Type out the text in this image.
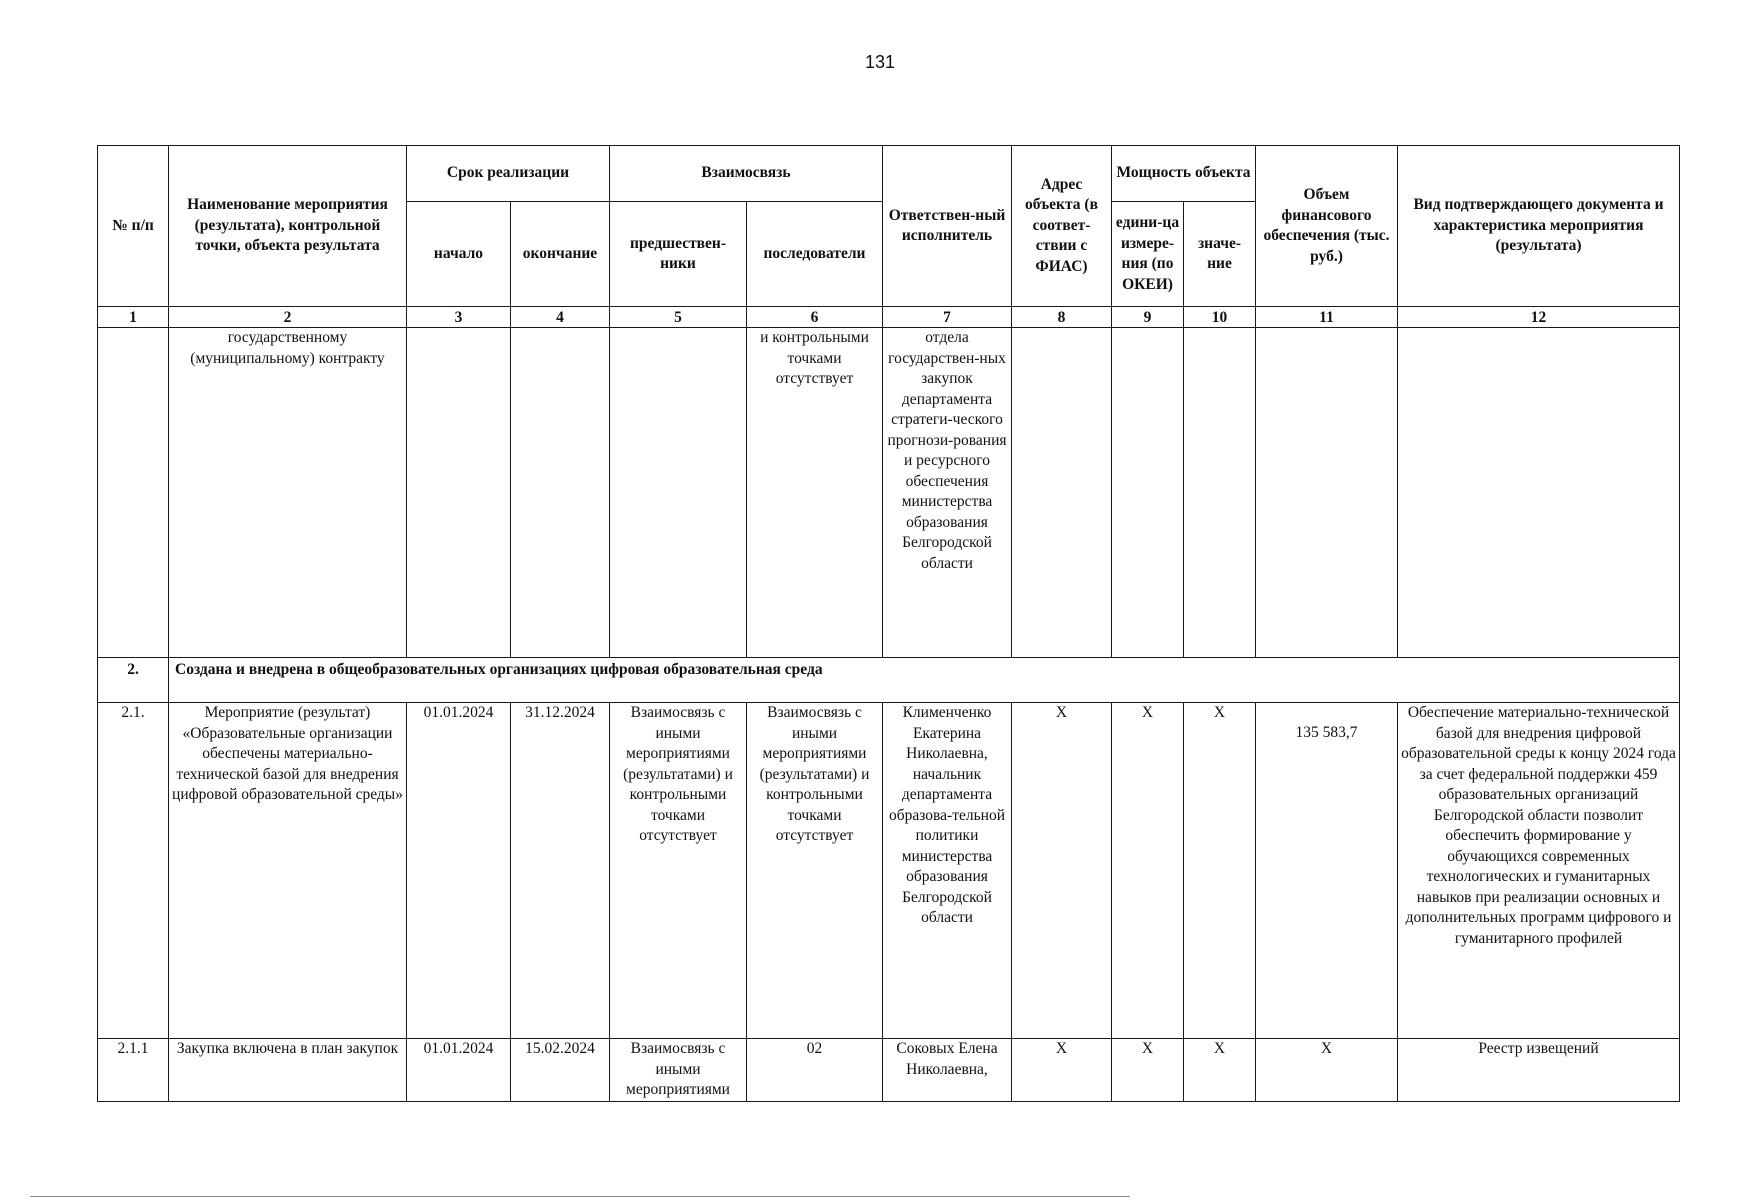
131
№ п/п	Наименование мероприятия (результата), контрольной точки, объекта результата	Срок реализации		Взаимосвязь		Ответствен-ный исполнитель	Адрес объекта (в соответ-ствии с ФИАС)	Мощность объекта		Объем финансового обеспечения (тыс. руб.)	Вид подтверждающего документа и характеристика мероприятия (результата)
		начало	окончание	предшествен-ники	последователи			едини-ца измере-ния (по ОКЕИ)	значе-ние		
1	2	3	4	5	6	7	8	9	10	11	12
	государственному (муниципальному) контракту				и контрольными точками отсутствует	отдела государствен-ных закупок департамента стратеги-ческого прогнози-рования и ресурсного обеспечения министерства образования Белгородской области					
2.	Создана и внедрена в общеобразовательных организациях цифровая образовательная среда										
2.1.	Мероприятие (результат) «Образовательные организации обеспечены материально-технической базой для внедрения цифровой образовательной среды»	01.01.2024	31.12.2024	Взаимосвязь с иными мероприятиями (результатами) и контрольными точками отсутствует	Взаимосвязь с иными мероприятиями (результатами) и контрольными точками отсутствует	Клименченко Екатерина Николаевна, начальник департамента образова-тельной политики министерства образования Белгородской области	X	X	X	135 583,7	Обеспечение материально-технической базой для внедрения цифровой образовательной среды к концу 2024 года за счет федеральной поддержки 459 образовательных организаций Белгородской области позволит обеспечить формирование у обучающихся современных технологических и гуманитарных навыков при реализации основных и дополнительных программ цифрового и гуманитарного профилей
2.1.1	Закупка включена в план закупок	01.01.2024	15.02.2024	Взаимосвязь с иными мероприятиями	02	Соковых Елена Николаевна,	X	X	X	X	Реестр извещений
